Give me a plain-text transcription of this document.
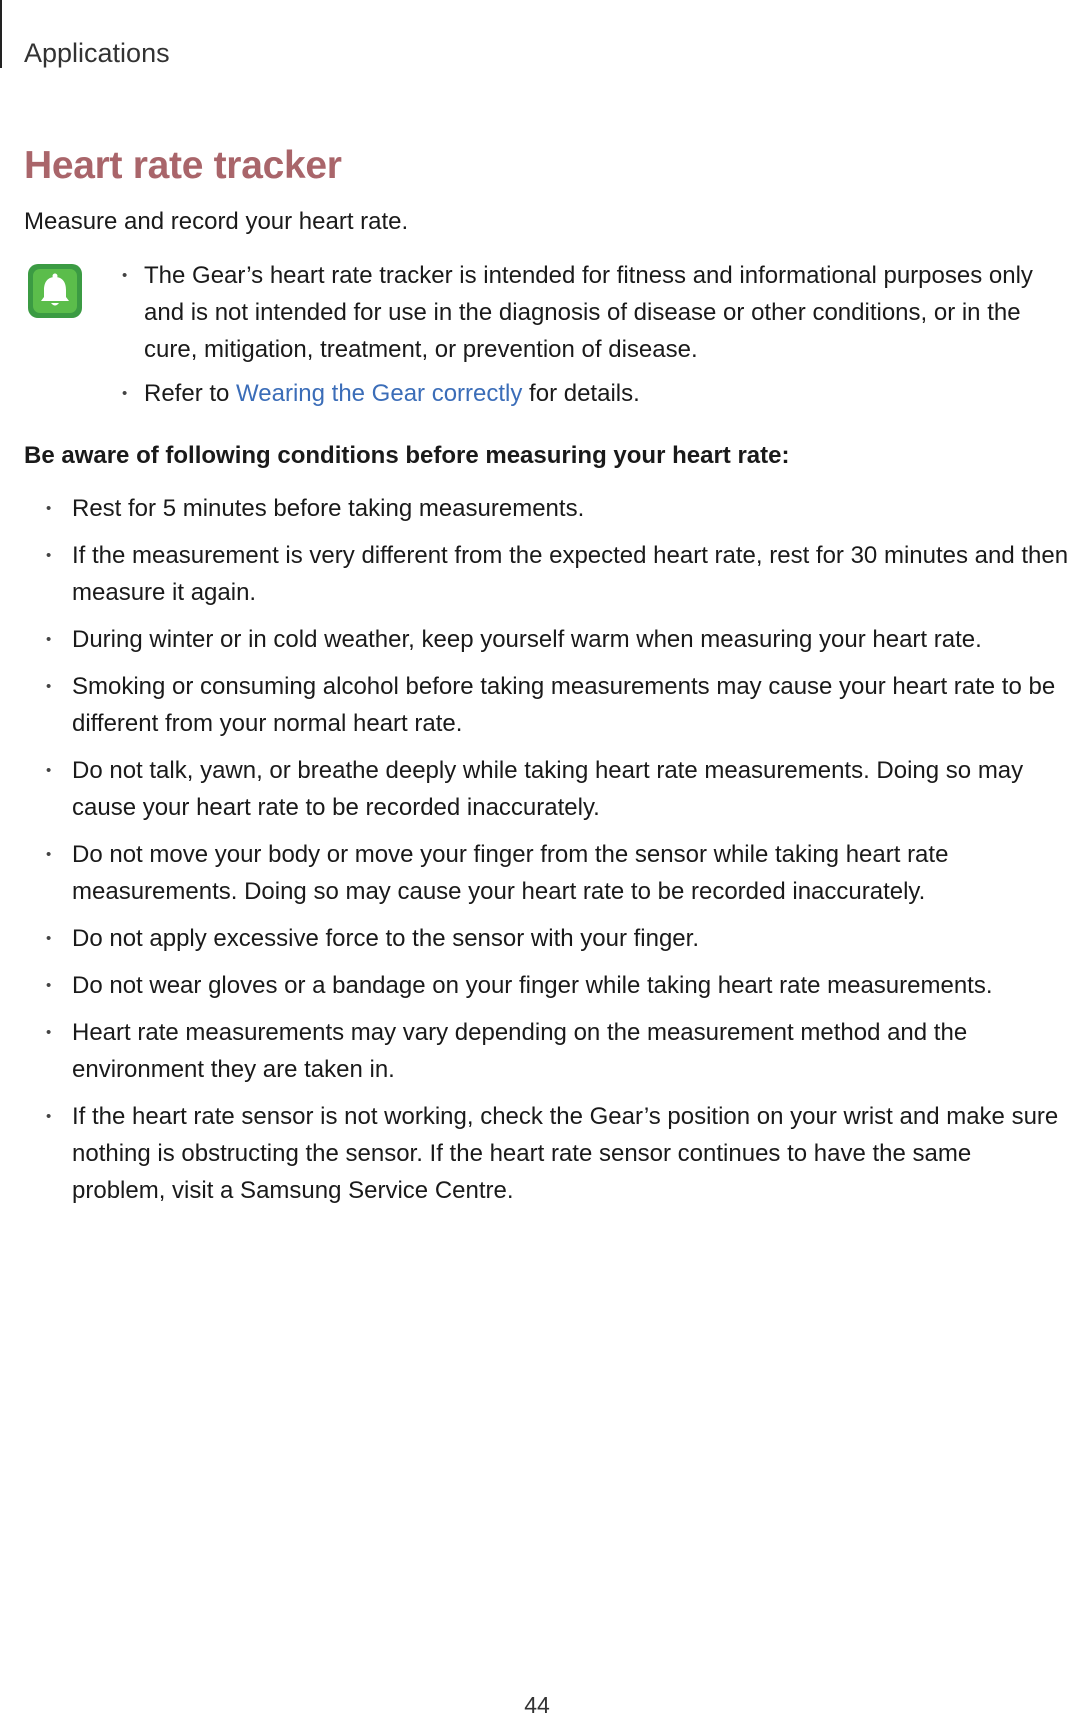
Applications
Heart rate tracker
Measure and record your heart rate.
• The Gear’s heart rate tracker is intended for fitness and informational purposes only and is not intended for use in the diagnosis of disease or other conditions, or in the cure, mitigation, treatment, or prevention of disease.
• Refer to Wearing the Gear correctly for details.
Be aware of following conditions before measuring your heart rate:
• Rest for 5 minutes before taking measurements.
• If the measurement is very different from the expected heart rate, rest for 30 minutes and then measure it again.
• During winter or in cold weather, keep yourself warm when measuring your heart rate.
• Smoking or consuming alcohol before taking measurements may cause your heart rate to be different from your normal heart rate.
• Do not talk, yawn, or breathe deeply while taking heart rate measurements. Doing so may cause your heart rate to be recorded inaccurately.
• Do not move your body or move your finger from the sensor while taking heart rate measurements. Doing so may cause your heart rate to be recorded inaccurately.
• Do not apply excessive force to the sensor with your finger.
• Do not wear gloves or a bandage on your finger while taking heart rate measurements.
• Heart rate measurements may vary depending on the measurement method and the environment they are taken in.
• If the heart rate sensor is not working, check the Gear’s position on your wrist and make sure nothing is obstructing the sensor. If the heart rate sensor continues to have the same problem, visit a Samsung Service Centre.
44
